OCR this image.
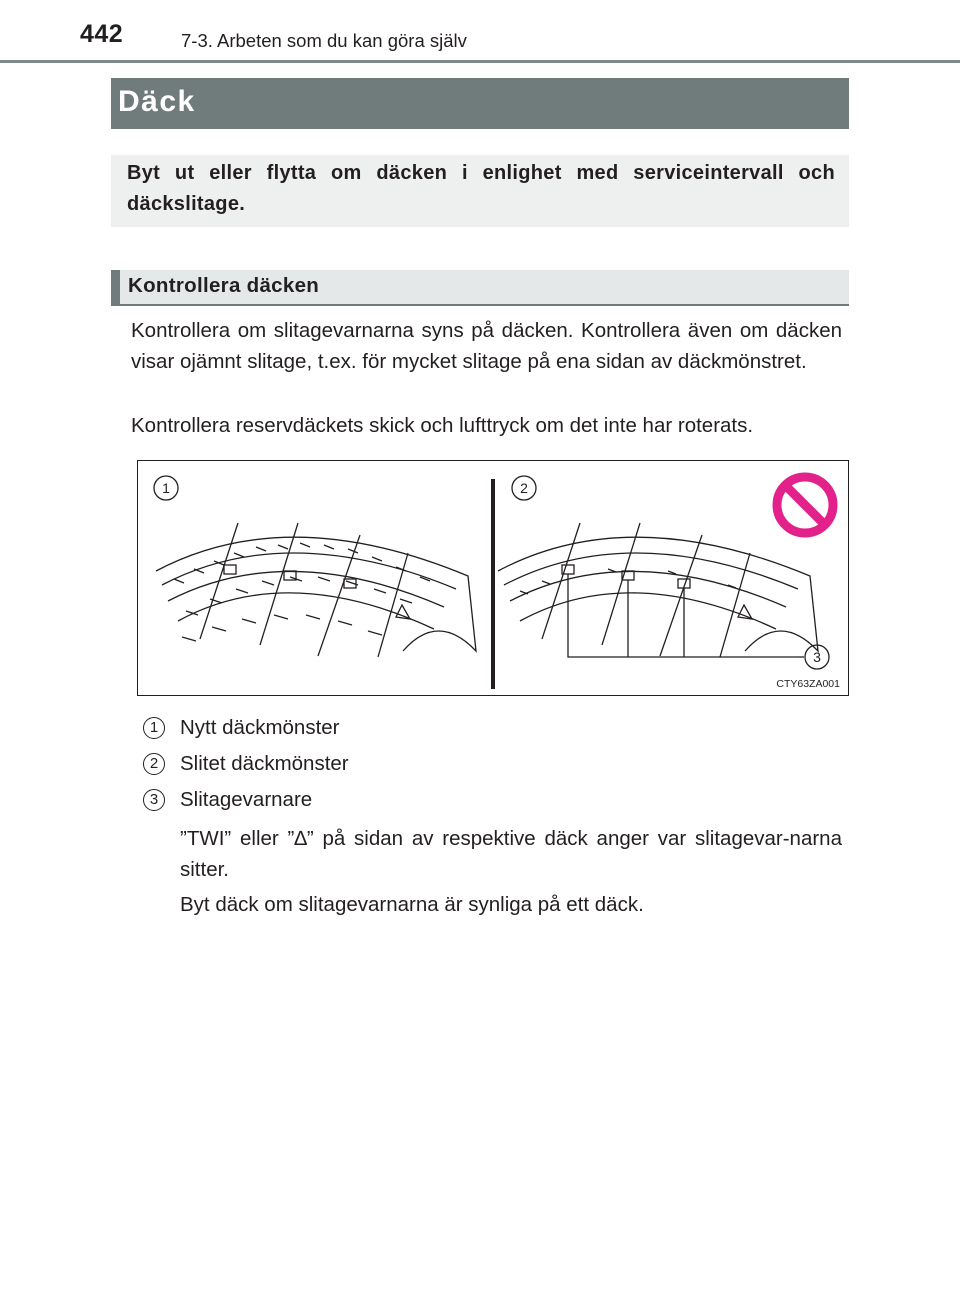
442	7-3. Arbeten som du kan göra själv
Däck
Byt ut eller flytta om däcken i enlighet med serviceintervall och däckslitage.
Kontrollera däcken

Kontrollera om slitagevarnarna syns på däcken. Kontrollera även om däcken visar ojämnt slitage, t.ex. för mycket slitage på ena sidan av däckmönstret.

Kontrollera reservdäckets skick och lufttryck om det inte har roterats.

1	2
3
CTY63ZA001
1	Nytt däckmönster
2	Slitet däckmönster
3	Slitagevarnare

”TWI” eller ”∆” på sidan av respektive däck anger var slitagevar-narna sitter.

Byt däck om slitagevarnarna är synliga på ett däck.
